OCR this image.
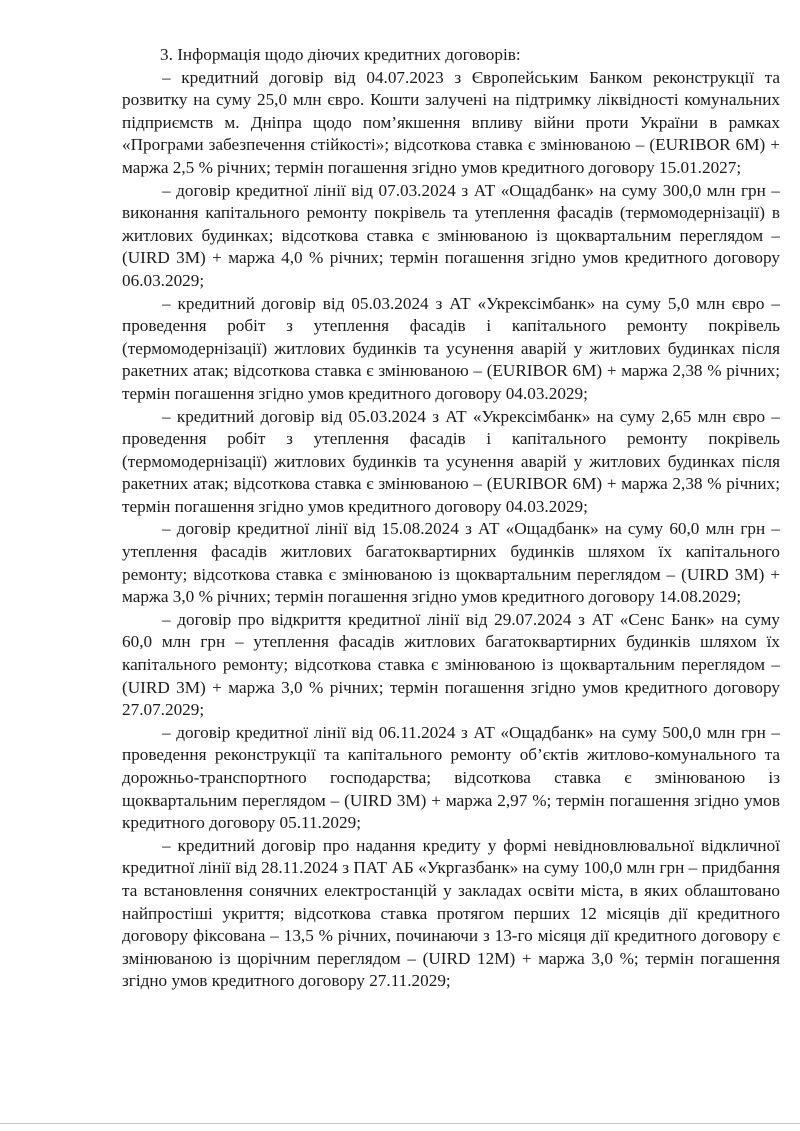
3. Інформація щодо діючих кредитних договорів:

– кредитний договір від 04.07.2023 з Європейським Банком реконструкції та розвитку на суму 25,0 млн євро. Кошти залучені на підтримку ліквідності комунальних підприємств м. Дніпра щодо пом’якшення впливу війни проти України в рамках «Програми забезпечення стійкості»; відсоткова ставка є змінюваною – (EURIBOR 6М) + маржа 2,5 % річних; термін погашення згідно умов кредитного договору 15.01.2027;

– договір кредитної лінії від 07.03.2024 з АТ «Ощадбанк» на суму 300,0 млн грн – виконання капітального ремонту покрівель та утеплення фасадів (термомодернізації) в житлових будинках; відсоткова ставка є змінюваною із щоквартальним переглядом – (UIRD 3M) + маржа 4,0 % річних; термін погашення згідно умов кредитного договору 06.03.2029;

– кредитний договір від 05.03.2024 з АТ «Укрексімбанк» на суму 5,0 млн євро – проведення робіт з утеплення фасадів і капітального ремонту покрівель (термомодернізації) житлових будинків та усунення аварій у житлових будинках після ракетних атак; відсоткова ставка є змінюваною – (EURIBOR 6M) + маржа 2,38 % річних; термін погашення згідно умов кредитного договору 04.03.2029;

– кредитний договір від 05.03.2024 з АТ «Укрексімбанк» на суму 2,65 млн євро – проведення робіт з утеплення фасадів і капітального ремонту покрівель (термомодернізації) житлових будинків та усунення аварій у житлових будинках після ракетних атак; відсоткова ставка є змінюваною – (EURIBOR 6M) + маржа 2,38 % річних; термін погашення згідно умов кредитного договору 04.03.2029;

– договір кредитної лінії від 15.08.2024 з АТ «Ощадбанк» на суму 60,0 млн грн – утеплення фасадів житлових багатоквартирних будинків шляхом їх капітального ремонту; відсоткова ставка є змінюваною із щоквартальним переглядом – (UIRD 3M) + маржа 3,0 % річних; термін погашення згідно умов кредитного договору 14.08.2029;

– договір про відкриття кредитної лінії від 29.07.2024 з АТ «Сенс Банк» на суму 60,0 млн грн – утеплення фасадів житлових багатоквартирних будинків шляхом їх капітального ремонту; відсоткова ставка є змінюваною із щоквартальним переглядом – (UIRD 3M) + маржа 3,0 % річних; термін погашення згідно умов кредитного договору 27.07.2029;

– договір кредитної лінії від 06.11.2024 з АТ «Ощадбанк» на суму 500,0 млн грн – проведення реконструкції та капітального ремонту об’єктів житлово-комунального та дорожньо-транспортного господарства; відсоткова ставка є змінюваною із щоквартальним переглядом – (UIRD 3M) + маржа 2,97 %; термін погашення згідно умов кредитного договору 05.11.2029;

– кредитний договір про надання кредиту у формі невідновлювальної відкличної кредитної лінії від 28.11.2024 з ПАТ АБ «Укргазбанк» на суму 100,0 млн грн – придбання та встановлення сонячних електростанцій у закладах освіти міста, в яких облаштовано найпростіші укриття; відсоткова ставка протягом перших 12 місяців дії кредитного договору фіксована – 13,5 % річних, починаючи з 13-го місяця дії кредитного договору є змінюваною із щорічним переглядом – (UIRD 12M) + маржа 3,0 %; термін погашення згідно умов кредитного договору 27.11.2029;
